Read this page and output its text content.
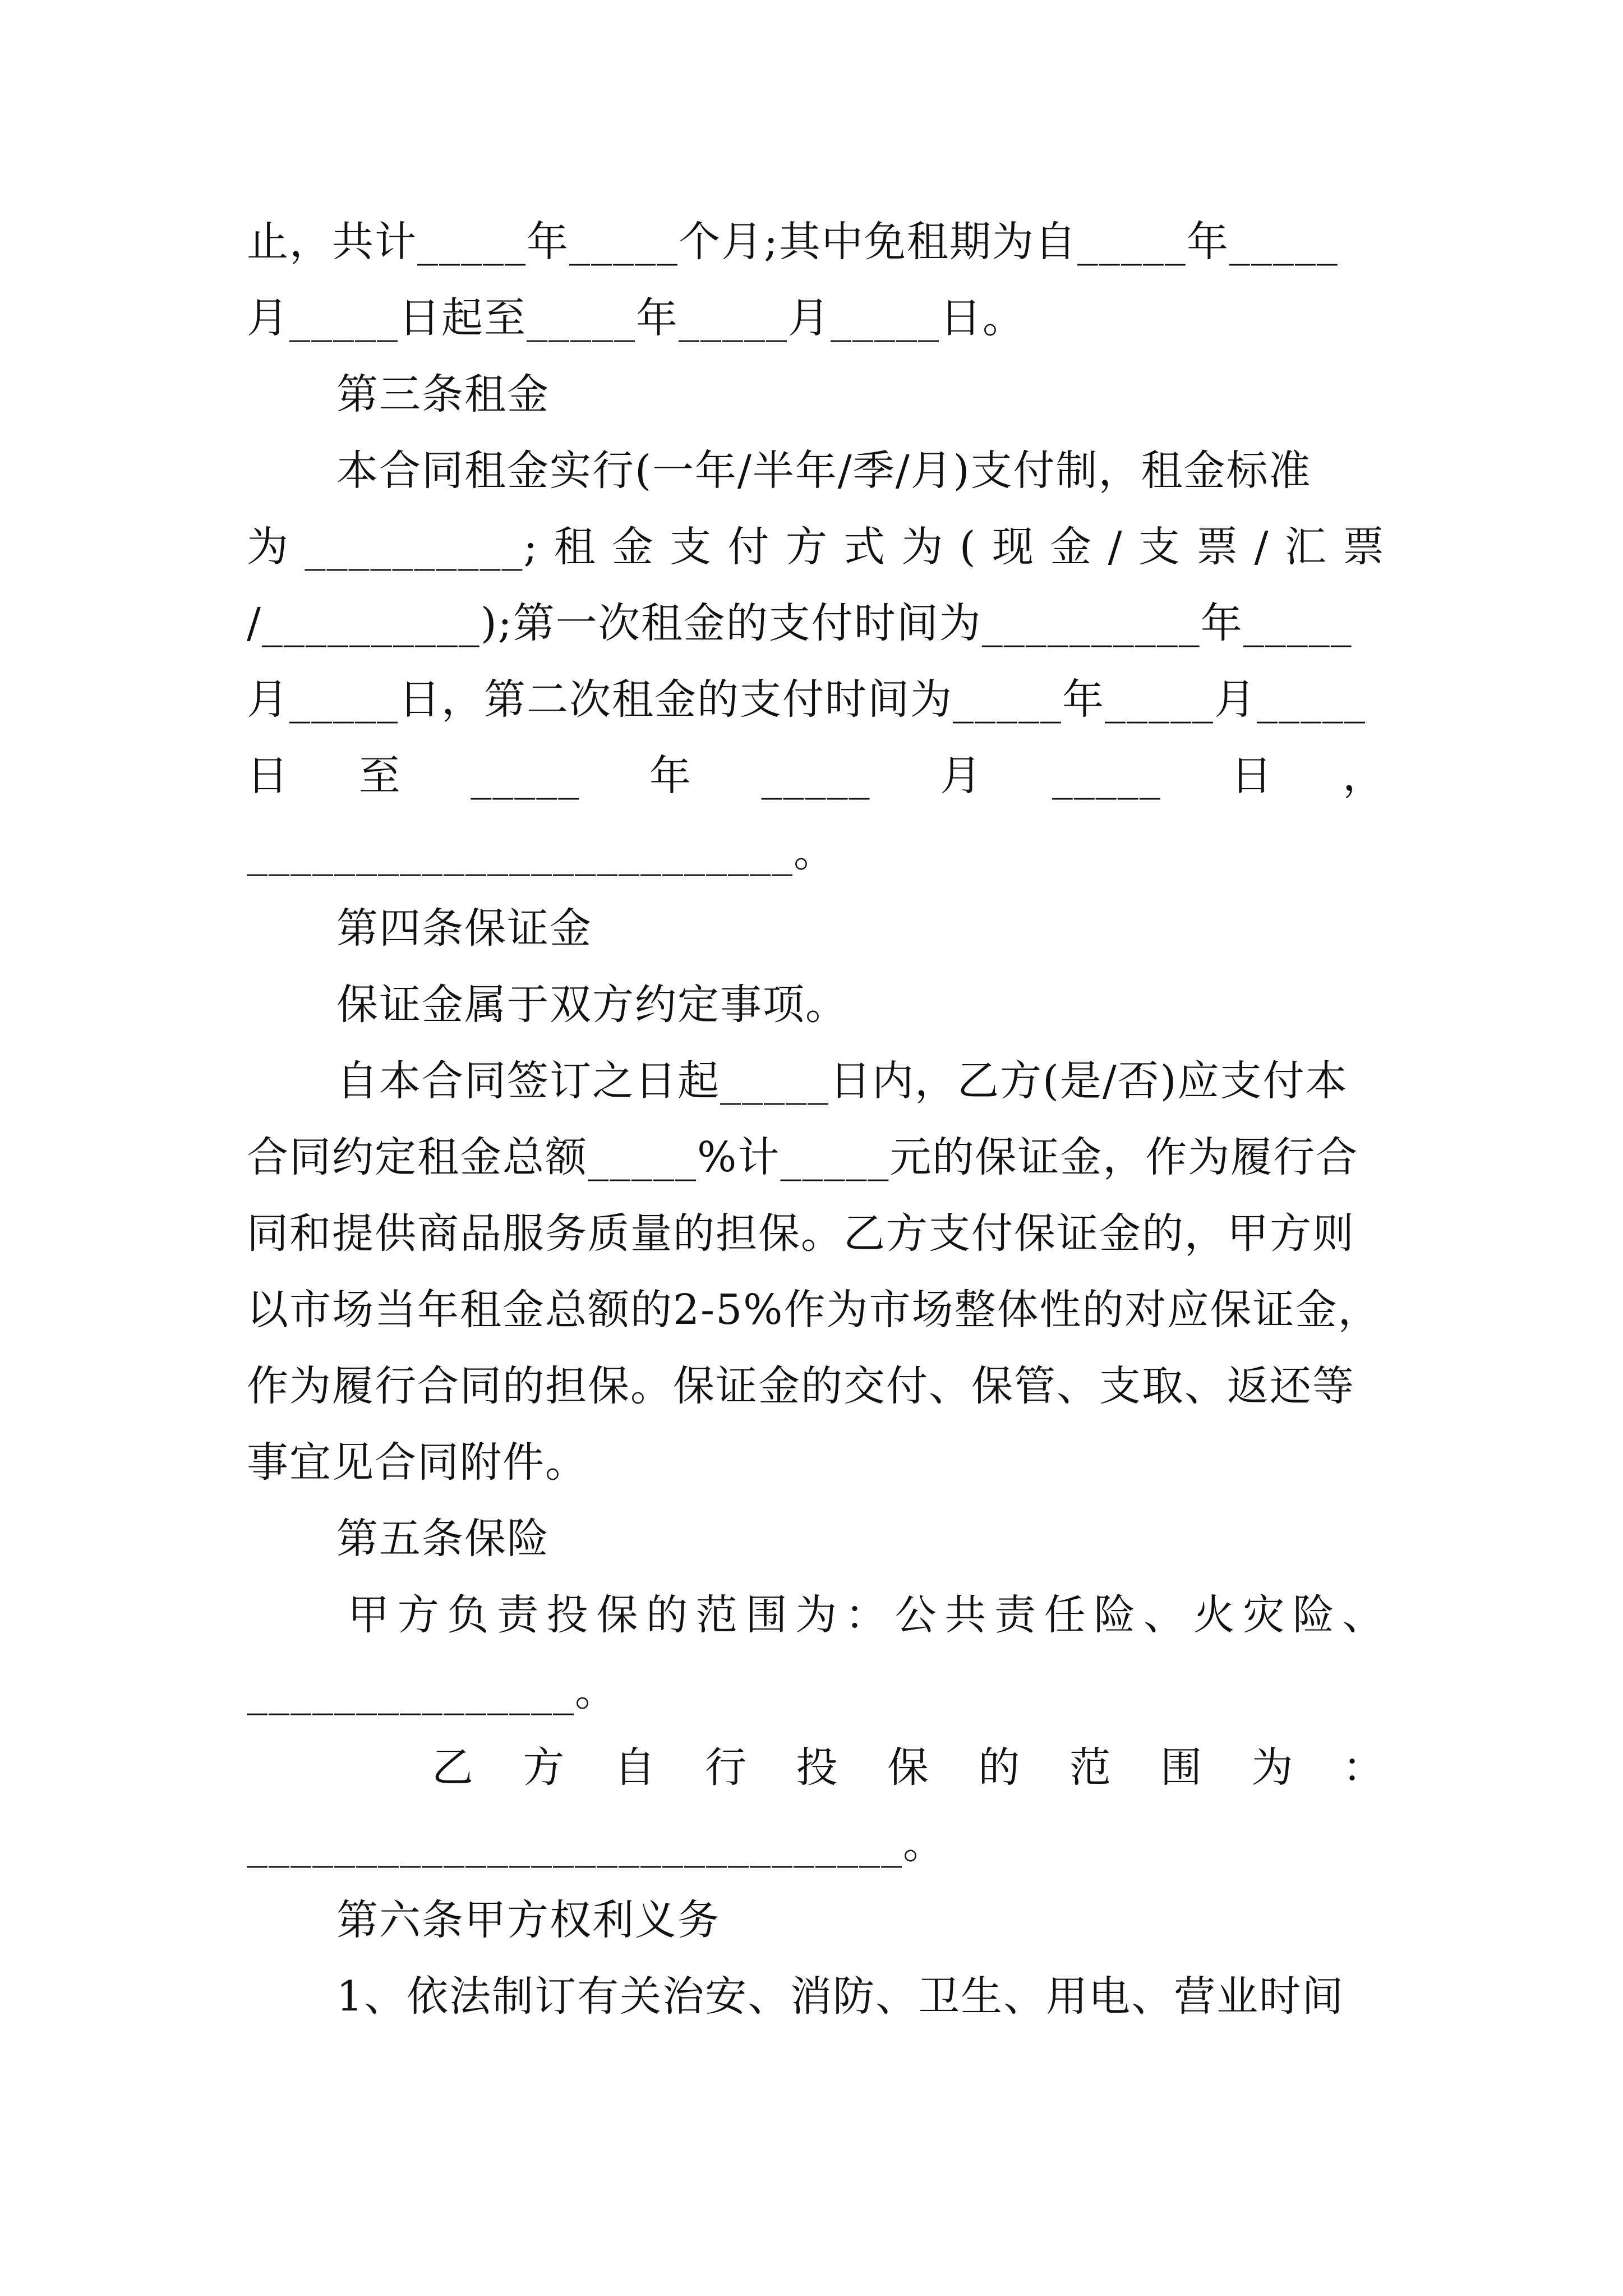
止，共计_____年_____个月;其中免租期为自_____年_____
月_____日起至_____年_____月_____日。
第三条租金
本合同租金实行(一年/半年/季/月)支付制，租金标准
为 __________; 租 金 支 付 方 式 为 ( 现 金 / 支 票 / 汇 票
/__________);第一次租金的支付时间为__________年_____
月_____日，第二次租金的支付时间为_____年_____月_____
日 至 _____ 年 _____ 月 _____ 日 ，
_________________________。
第四条保证金
保证金属于双方约定事项。
自本合同签订之日起_____日内，乙方(是/否)应支付本
合同约定租金总额_____%计_____元的保证金，作为履行合
同和提供商品服务质量的担保。乙方支付保证金的，甲方则
以市场当年租金总额的2-5%作为市场整体性的对应保证金，
作为履行合同的担保。保证金的交付、保管、支取、返还等
事宜见合同附件。
第五条保险
甲 方 负 责 投 保 的 范 围 为 ： 公 共 责 任 险 、 火 灾 险 、
_______________。
乙 方 自 行 投 保 的 范 围 为 ：
______________________________。
第六条甲方权利义务
1、依法制订有关治安、消防、卫生、用电、营业时间
